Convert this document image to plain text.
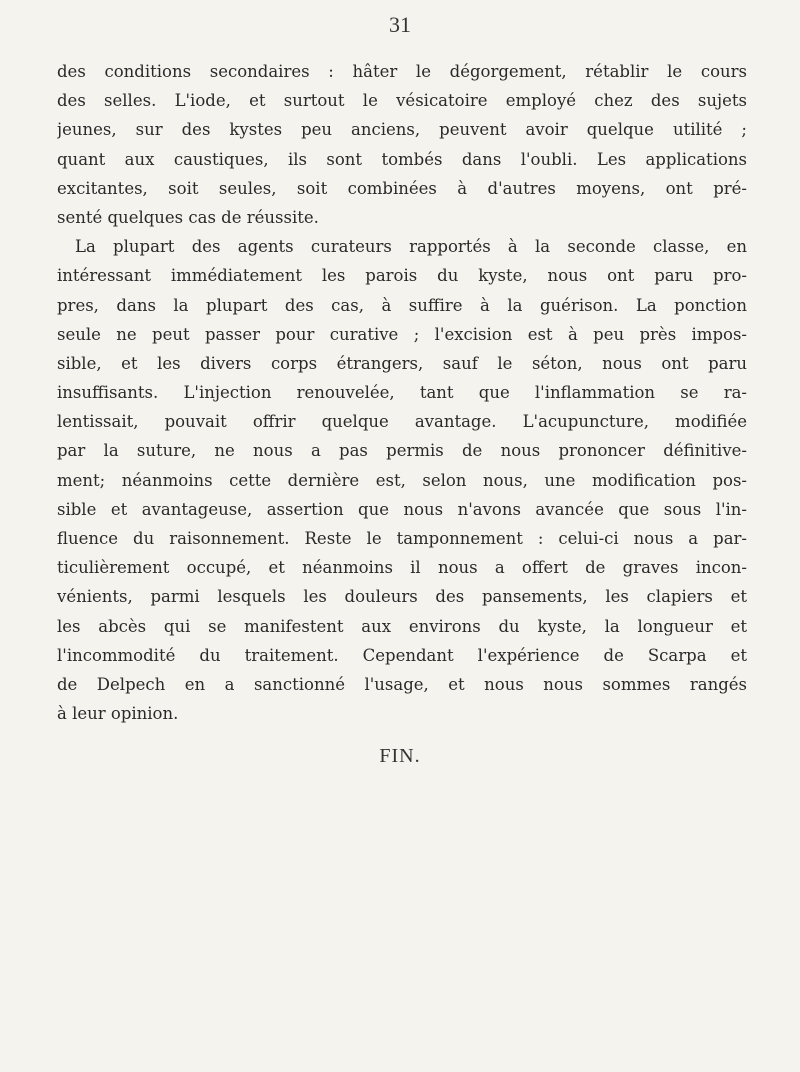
31
des conditions secondaires : hâter le dégorgement, rétablir le cours
des selles. L'iode, et surtout le vésicatoire employé chez des sujets
jeunes, sur des kystes peu anciens, peuvent avoir quelque utilité ;
quant aux caustiques, ils sont tombés dans l'oubli. Les applications
excitantes, soit seules, soit combinées à d'autres moyens, ont pré-
senté quelques cas de réussite.
La plupart des agents curateurs rapportés à la seconde classe, en
intéressant immédiatement les parois du kyste, nous ont paru pro-
pres, dans la plupart des cas, à suffire à la guérison. La ponction
seule ne peut passer pour curative ; l'excision est à peu près impos-
sible, et les divers corps étrangers, sauf le séton, nous ont paru
insuffisants. L'injection renouvelée, tant que l'inflammation se ra-
lentissait, pouvait offrir quelque avantage. L'acupuncture, modifiée
par la suture, ne nous a pas permis de nous prononcer définitive-
ment; néanmoins cette dernière est, selon nous, une modification pos-
sible et avantageuse, assertion que nous n'avons avancée que sous l'in-
fluence du raisonnement. Reste le tamponnement : celui-ci nous a par-
ticulièrement occupé, et néanmoins il nous a offert de graves incon-
vénients, parmi lesquels les douleurs des pansements, les clapiers et
les abcès qui se manifestent aux environs du kyste, la longueur et
l'incommodité du traitement. Cependant l'expérience de Scarpa et
de Delpech en a sanctionné l'usage, et nous nous sommes rangés
à leur opinion.
FIN.
